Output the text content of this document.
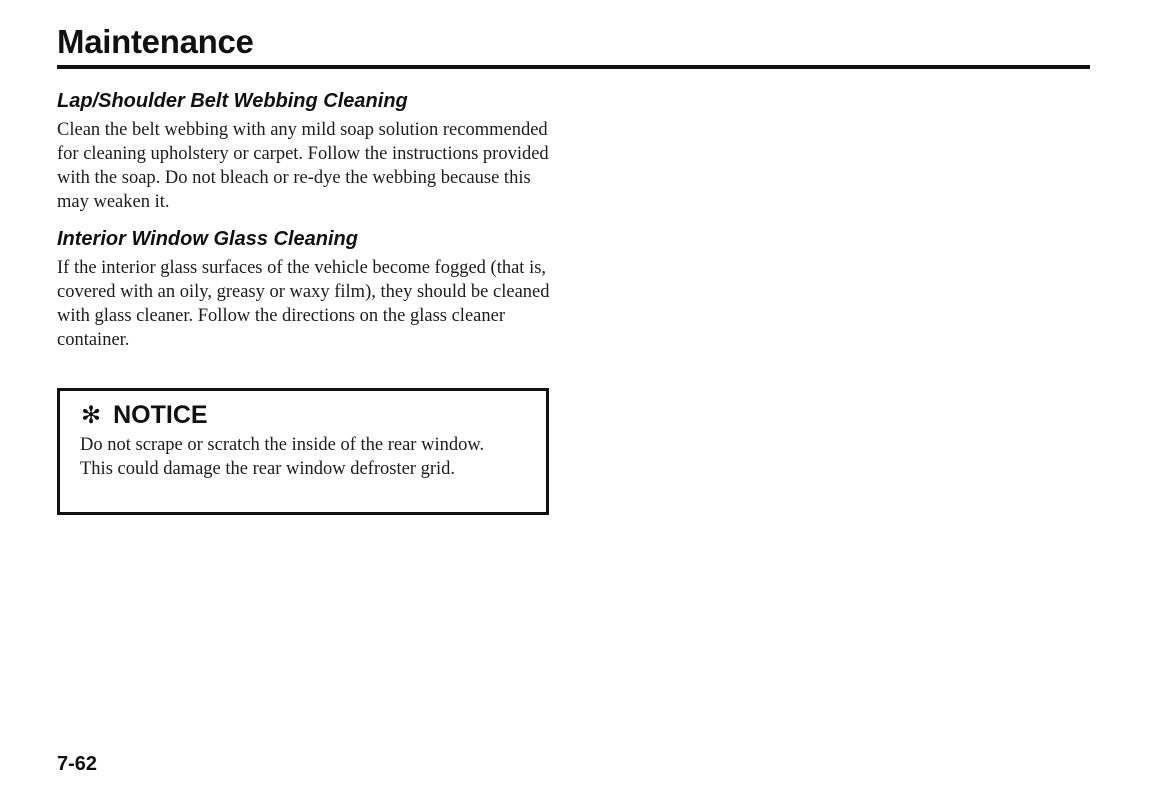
Maintenance
Lap/Shoulder Belt Webbing Cleaning

Clean the belt webbing with any mild soap solution recommended for cleaning upholstery or carpet. Follow the instructions provided with the soap. Do not bleach or re-dye the webbing because this may weaken it.

Interior Window Glass Cleaning

If the interior glass surfaces of the vehicle become fogged (that is, covered with an oily, greasy or waxy film), they should be cleaned with glass cleaner. Follow the directions on the glass cleaner container.

✻ NOTICE

Do not scrape or scratch the inside of the rear window. This could damage the rear window defroster grid.

7-62
